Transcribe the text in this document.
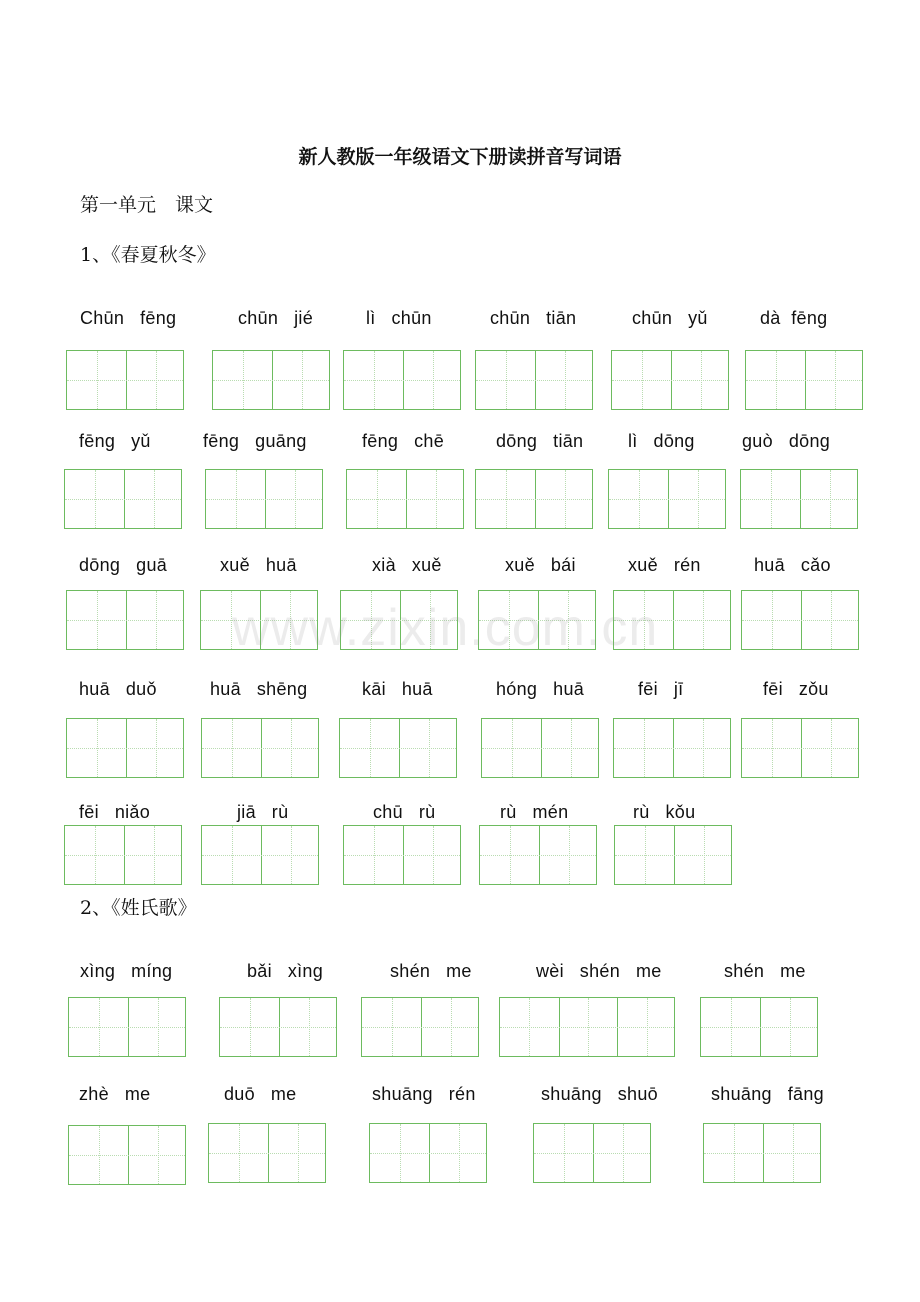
新人教版一年级语文下册读拼音写词语
第一单元　课文
1、《春夏秋冬》
2、《姓氏歌》
Chūn   fēng	chūn   jié	lì   chūn	chūn   tiān	chūn   yǔ	dà  fēng
fēng   yǔ	fēng   guāng	fēng   chē	dōng   tiān lì   dōng	guò   dōng
dōng   guā	xuě   huā	xià   xuě	xuě   bái	xuě   rén	huā   cǎo
huā   duǒ	huā   shēng	kāi   huā	hóng   huā	fēi   jī	fēi   zǒu
fēi   niǎo	jiā   rù	chū   rù	rù   mén	rù   kǒu
xìng   míng	bǎi   xìng	shén   me	wèi   shén   me	shén   me
zhè   me	duō   me	shuāng   rén	shuāng   shuō	shuāng   fāng
